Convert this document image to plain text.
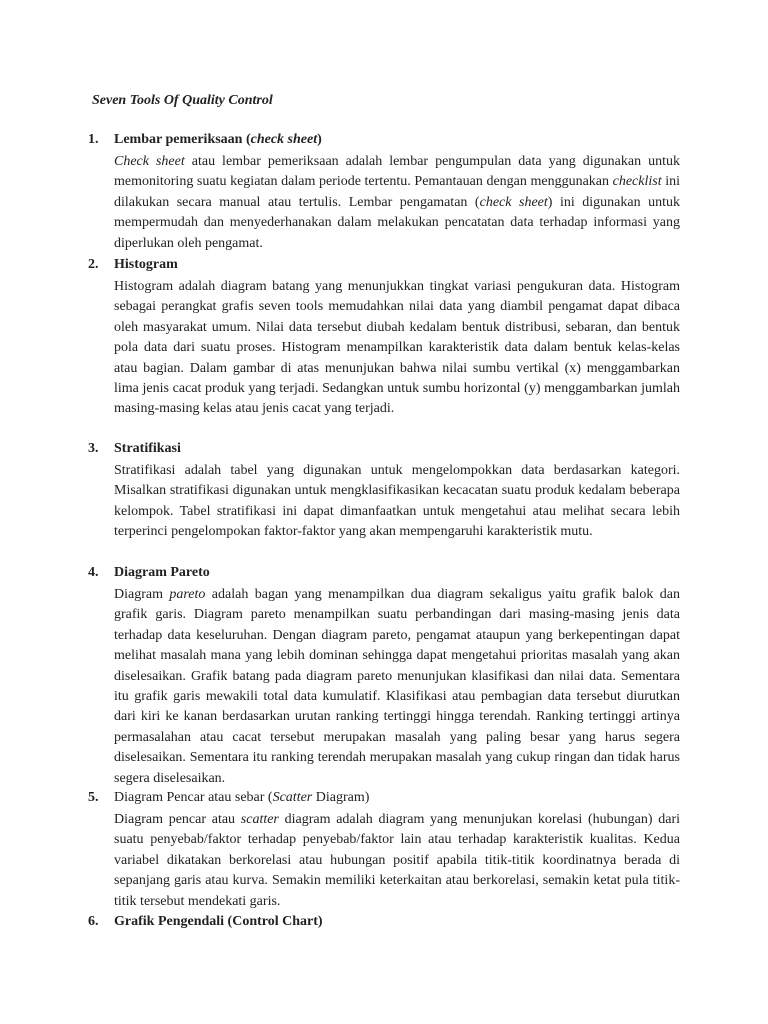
Seven Tools Of Quality Control
1.	Lembar pemeriksaan (check sheet)

Check sheet atau lembar pemeriksaan adalah lembar pengumpulan data yang digunakan untuk memonitoring suatu kegiatan dalam periode tertentu. Pemantauan dengan menggunakan checklist ini dilakukan secara manual atau tertulis. Lembar pengamatan (check sheet) ini digunakan untuk mempermudah dan menyederhanakan dalam melakukan pencatatan data terhadap informasi yang diperlukan oleh pengamat.

2.	Histogram

Histogram adalah diagram batang yang menunjukkan tingkat variasi pengukuran data. Histogram sebagai perangkat grafis seven tools memudahkan nilai data yang diambil pengamat dapat dibaca oleh masyarakat umum. Nilai data tersebut diubah kedalam bentuk distribusi, sebaran, dan bentuk pola data dari suatu proses. Histogram menampilkan karakteristik data dalam bentuk kelas-kelas atau bagian. Dalam gambar di atas menunjukan bahwa nilai sumbu vertikal (x) menggambarkan lima jenis cacat produk yang terjadi. Sedangkan untuk sumbu horizontal (y) menggambarkan jumlah masing-masing kelas atau jenis cacat yang terjadi.

3.	Stratifikasi

Stratifikasi adalah tabel yang digunakan untuk mengelompokkan data berdasarkan kategori. Misalkan stratifikasi digunakan untuk mengklasifikasikan kecacatan suatu produk kedalam beberapa kelompok. Tabel stratifikasi ini dapat dimanfaatkan untuk mengetahui atau melihat secara lebih terperinci pengelompokan faktor-faktor yang akan mempengaruhi karakteristik mutu.

4.	Diagram Pareto

Diagram pareto adalah bagan yang menampilkan dua diagram sekaligus yaitu grafik balok dan grafik garis. Diagram pareto menampilkan suatu perbandingan dari masing-masing jenis data terhadap data keseluruhan. Dengan diagram pareto, pengamat ataupun yang berkepentingan dapat melihat masalah mana yang lebih dominan sehingga dapat mengetahui prioritas masalah yang akan diselesaikan. Grafik batang pada diagram pareto menunjukan klasifikasi dan nilai data. Sementara itu grafik garis mewakili total data kumulatif. Klasifikasi atau pembagian data tersebut diurutkan dari kiri ke kanan berdasarkan urutan ranking tertinggi hingga terendah. Ranking tertinggi artinya permasalahan atau cacat tersebut merupakan masalah yang paling besar yang harus segera diselesaikan. Sementara itu ranking terendah merupakan masalah yang cukup ringan dan tidak harus segera diselesaikan.

5.	Diagram Pencar atau sebar (Scatter Diagram)

Diagram pencar atau scatter diagram adalah diagram yang menunjukan korelasi (hubungan) dari suatu penyebab/faktor terhadap penyebab/faktor lain atau terhadap karakteristik kualitas. Kedua variabel dikatakan berkorelasi atau hubungan positif apabila titik-titik koordinatnya berada di sepanjang garis atau kurva. Semakin memiliki keterkaitan atau berkorelasi, semakin ketat pula titik-titik tersebut mendekati garis.

6.	Grafik Pengendali (Control Chart)
